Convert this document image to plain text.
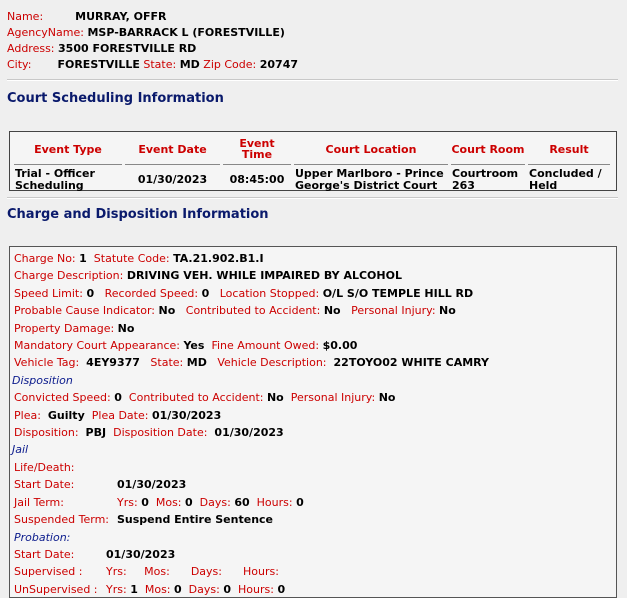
Name:	MURRAY, OFFR
AgencyName: MSP-BARRACK L (FORESTVILLE)
Address: 3500 FORESTVILLE RD
City: FORESTVILLE State: MD Zip Code: 20747
Court Scheduling Information
Event Type	Event Date	Event Time	Court Location	Court Room	Result
Trial - Officer Scheduling	01/30/2023	08:45:00	Upper Marlboro - Prince George's District Court	Courtroom 263	Concluded / Held
Charge and Disposition Information
Charge No: 1 Statute Code: TA.21.902.B1.I
Charge Description: DRIVING VEH. WHILE IMPAIRED BY ALCOHOL
Speed Limit: 0 Recorded Speed: 0 Location Stopped: O/L S/O TEMPLE HILL RD
Probable Cause Indicator: No Contributed to Accident: No Personal Injury: No
Property Damage: No
Mandatory Court Appearance: Yes Fine Amount Owed: $0.00
Vehicle Tag: 4EY9377 State: MD Vehicle Description: 22TOYO02 WHITE CAMRY
Disposition
Convicted Speed: 0 Contributed to Accident: No Personal Injury: No
Plea: Guilty Plea Date: 01/30/2023
Disposition: PBJ Disposition Date: 01/30/2023
Jail
Life/Death:
Start Date:	01/30/2023
Jail Term:	Yrs: 0 Mos: 0 Days: 60 Hours: 0
Suspended Term: Suspend Entire Sentence
Probation:
Start Date:	01/30/2023
Supervised : Yrs: Mos: Days: Hours:
UnSupervised : Yrs: 1 Mos: 0 Days: 0 Hours: 0
